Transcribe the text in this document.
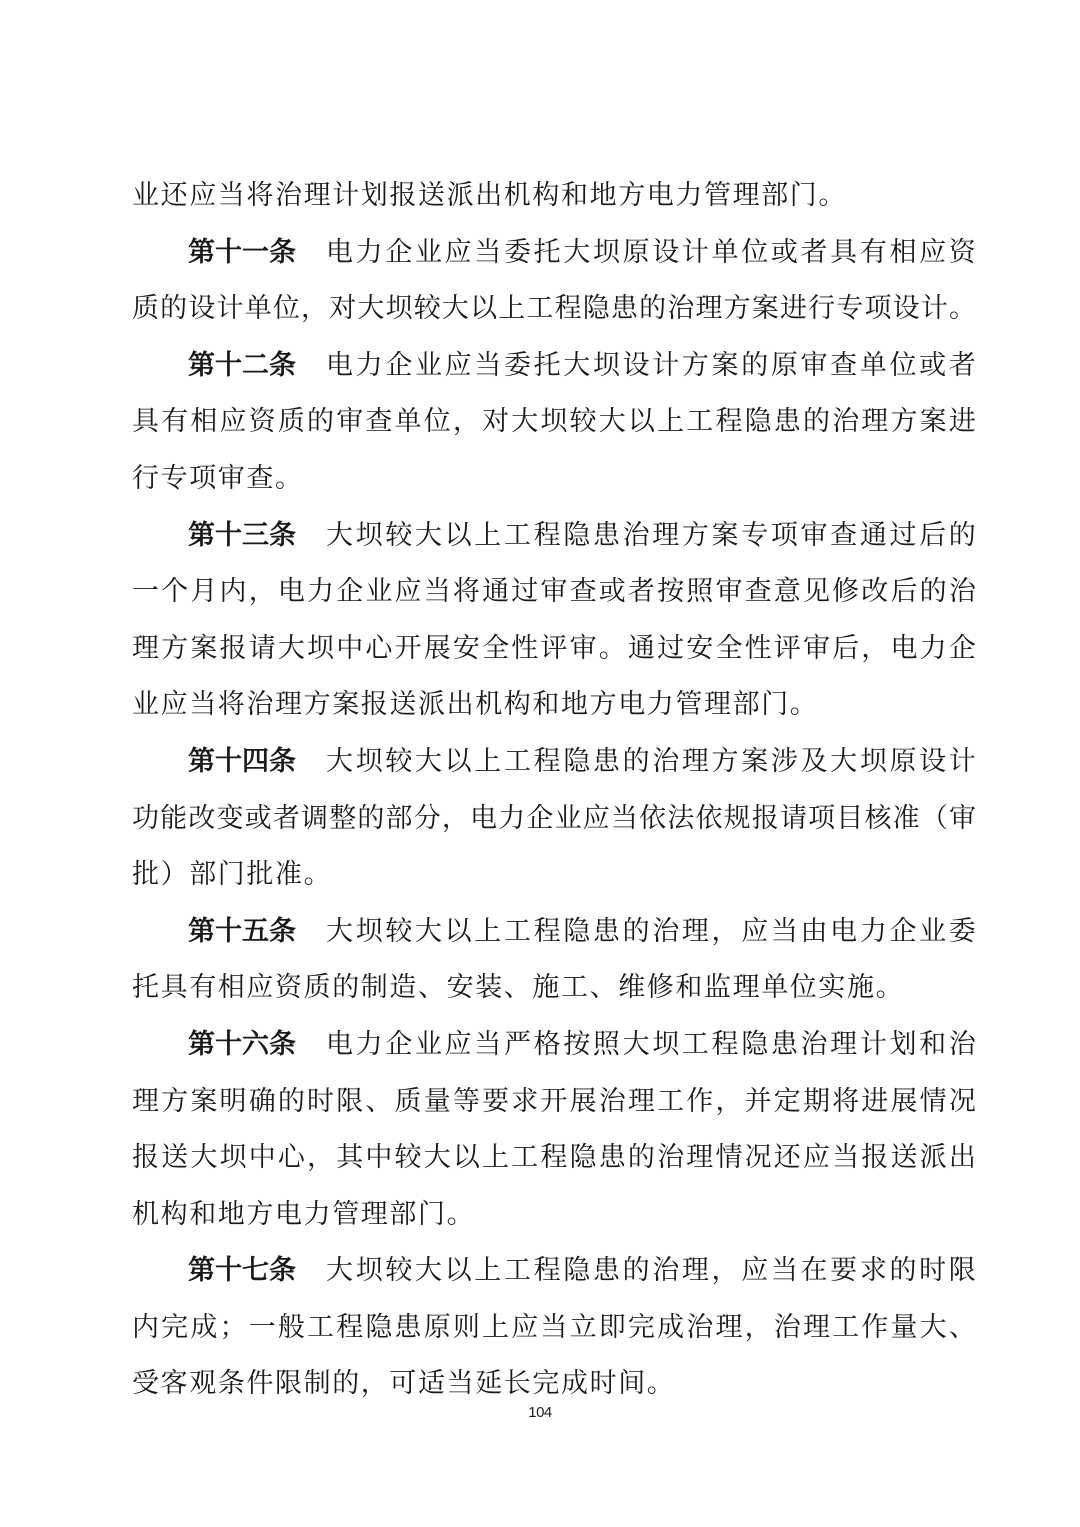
业还应当将治理计划报送派出机构和地方电力管理部门。
第十一条 电 力 企 业 应 当 委 托 大 坝 原 设 计 单 位 或 者 具 有 相 应 资
质 的 设 计 单 位 ， 对 大 坝 较 大 以 上 工 程 隐 患 的 治 理 方 案 进 行 专 项 设 计 。
第十二条 电 力 企 业 应 当 委 托 大 坝 设 计 方 案 的 原 审 查 单 位 或 者
具 有 相 应 资 质 的 审 查 单 位 ， 对 大 坝 较 大 以 上 工 程 隐 患 的 治 理 方 案 进
行专项审查。
第十三条 大 坝 较 大 以 上 工 程 隐 患 治 理 方 案 专 项 审 查 通 过 后 的
一 个 月 内 ， 电 力 企 业 应 当 将 通 过 审 查 或 者 按 照 审 查 意 见 修 改 后 的 治
理 方 案 报 请 大 坝 中 心 开 展 安 全 性 评 审 。 通 过 安 全 性 评 审 后 ， 电 力 企
业应当将治理方案报送派出机构和地方电力管理部门。
第十四条 大 坝 较 大 以 上 工 程 隐 患 的 治 理 方 案 涉 及 大 坝 原 设 计
功 能 改 变 或 者 调 整 的 部 分 ， 电 力 企 业 应 当 依 法 依 规 报 请 项 目 核 准 （ 审
批）部门批准。
第十五条 大 坝 较 大 以 上 工 程 隐 患 的 治 理 ， 应 当 由 电 力 企 业 委
托具有相应资质的制造、安装、施工、维修和监理单位实施。
第十六条 电 力 企 业 应 当 严 格 按 照 大 坝 工 程 隐 患 治 理 计 划 和 治
理 方 案 明 确 的 时 限 、 质 量 等 要 求 开 展 治 理 工 作 ， 并 定 期 将 进 展 情 况
报 送 大 坝 中 心 ， 其 中 较 大 以 上 工 程 隐 患 的 治 理 情 况 还 应 当 报 送 派 出
机构和地方电力管理部门。
第十七条 大 坝 较 大 以 上 工 程 隐 患 的 治 理 ， 应 当 在 要 求 的 时 限
内 完 成 ； 一 般 工 程 隐 患 原 则 上 应 当 立 即 完 成 治 理 ， 治 理 工 作 量 大 、
受客观条件限制的，可适当延长完成时间。
104
